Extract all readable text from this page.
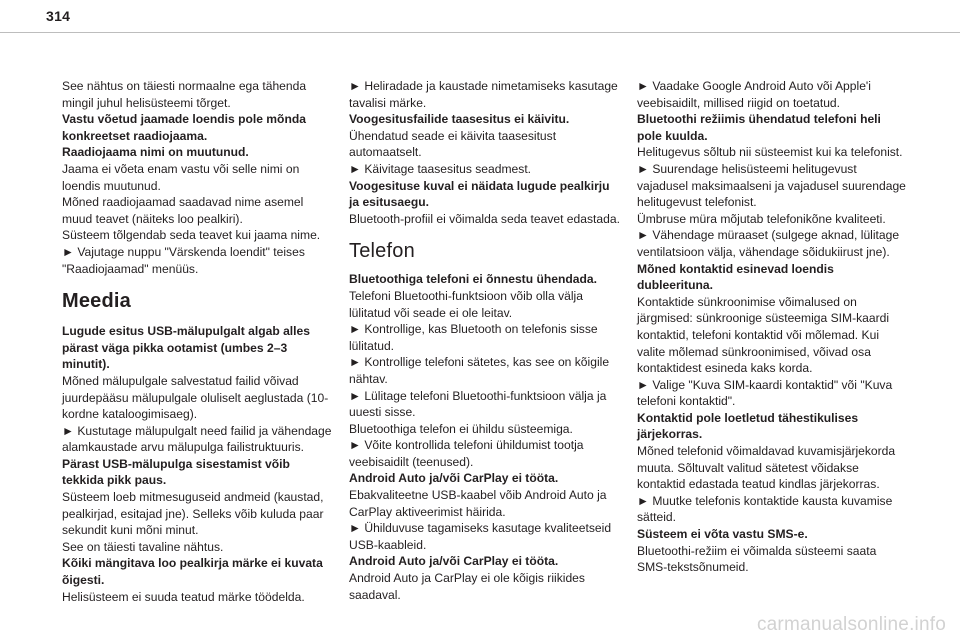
314

See nähtus on täiesti normaalne ega tähenda mingil juhul helisüsteemi tõrget.

Vastu võetud jaamade loendis pole mõnda konkreetset raadiojaama.

Raadiojaama nimi on muutunud.

Jaama ei võeta enam vastu või selle nimi on loendis muutunud.

Mõned raadiojaamad saadavad nime asemel muud teavet (näiteks loo pealkiri).

Süsteem tõlgendab seda teavet kui jaama nime.

► Vajutage nuppu "Värskenda loendit" teises "Raadiojaamad" menüüs.

Meedia

Lugude esitus USB-mälupulgalt algab alles pärast väga pikka ootamist (umbes 2–3 minutit).

Mõned mälupulgale salvestatud failid võivad juurdepääsu mälupulgale oluliselt aeglustada (10-kordne kataloogimisaeg).

► Kustutage mälupulgalt need failid ja vähendage alamkaustade arvu mälupulga failistruktuuris.

Pärast USB-mälupulga sisestamist võib tekkida pikk paus.

Süsteem loeb mitmesuguseid andmeid (kaustad, pealkirjad, esitajad jne). Selleks võib kuluda paar sekundit kuni mõni minut.

See on täiesti tavaline nähtus.

Kõiki mängitava loo pealkirja märke ei kuvata õigesti.

Helisüsteem ei suuda teatud märke töödelda.

► Heliradade ja kaustade nimetamiseks kasutage tavalisi märke.

Voogesitusfailide taasesitus ei käivitu.

Ühendatud seade ei käivita taasesitust automaatselt.

► Käivitage taasesitus seadmest.

Voogesituse kuval ei näidata lugude pealkirju ja esitusaegu.

Bluetooth-profiil ei võimalda seda teavet edastada.

Telefon

Bluetoothiga telefoni ei õnnestu ühendada.

Telefoni Bluetoothi-funktsioon võib olla välja lülitatud või seade ei ole leitav.

► Kontrollige, kas Bluetooth on telefonis sisse lülitatud.

► Kontrollige telefoni sätetes, kas see on kõigile nähtav.

► Lülitage telefoni Bluetoothi-funktsioon välja ja uuesti sisse.

Bluetoothiga telefon ei ühildu süsteemiga.

► Võite kontrollida telefoni ühildumist tootja veebisaidilt (teenused).

Android Auto ja/või CarPlay ei tööta.

Ebakvaliteetne USB-kaabel võib Android Auto ja CarPlay aktiveerimist häirida.

► Ühilduvuse tagamiseks kasutage kvaliteetseid USB-kaableid.

Android Auto ja/või CarPlay ei tööta.

Android Auto ja CarPlay ei ole kõigis riikides saadaval.

► Vaadake Google Android Auto või Apple'i veebisaidilt, millised riigid on toetatud.

Bluetoothi režiimis ühendatud telefoni heli pole kuulda.

Helitugevus sõltub nii süsteemist kui ka telefonist.

► Suurendage helisüsteemi helitugevust vajadusel maksimaalseni ja vajadusel suurendage helitugevust telefonist.

Ümbruse müra mõjutab telefonikõne kvaliteeti.

► Vähendage müraaset (sulgege aknad, lülitage ventilatsioon välja, vähendage sõidukiirust jne).

Mõned kontaktid esinevad loendis dubleerituna.

Kontaktide sünkroonimise võimalused on järgmised: sünkroonige süsteemiga SIM-kaardi kontaktid, telefoni kontaktid või mõlemad. Kui valite mõlemad sünkroonimised, võivad osa kontaktidest esineda kaks korda.

► Valige "Kuva SIM-kaardi kontaktid" või "Kuva telefoni kontaktid".

Kontaktid pole loetletud tähestikulises järjekorras.

Mõned telefonid võimaldavad kuvamisjärjekorda muuta. Sõltuvalt valitud sätetest võidakse kontaktid edastada teatud kindlas järjekorras.

► Muutke telefonis kontaktide kausta kuvamise sätteid.

Süsteem ei võta vastu SMS-e.

Bluetoothi-režiim ei võimalda süsteemi saata SMS-tekstsõnumeid.

carmanualsonline.info
